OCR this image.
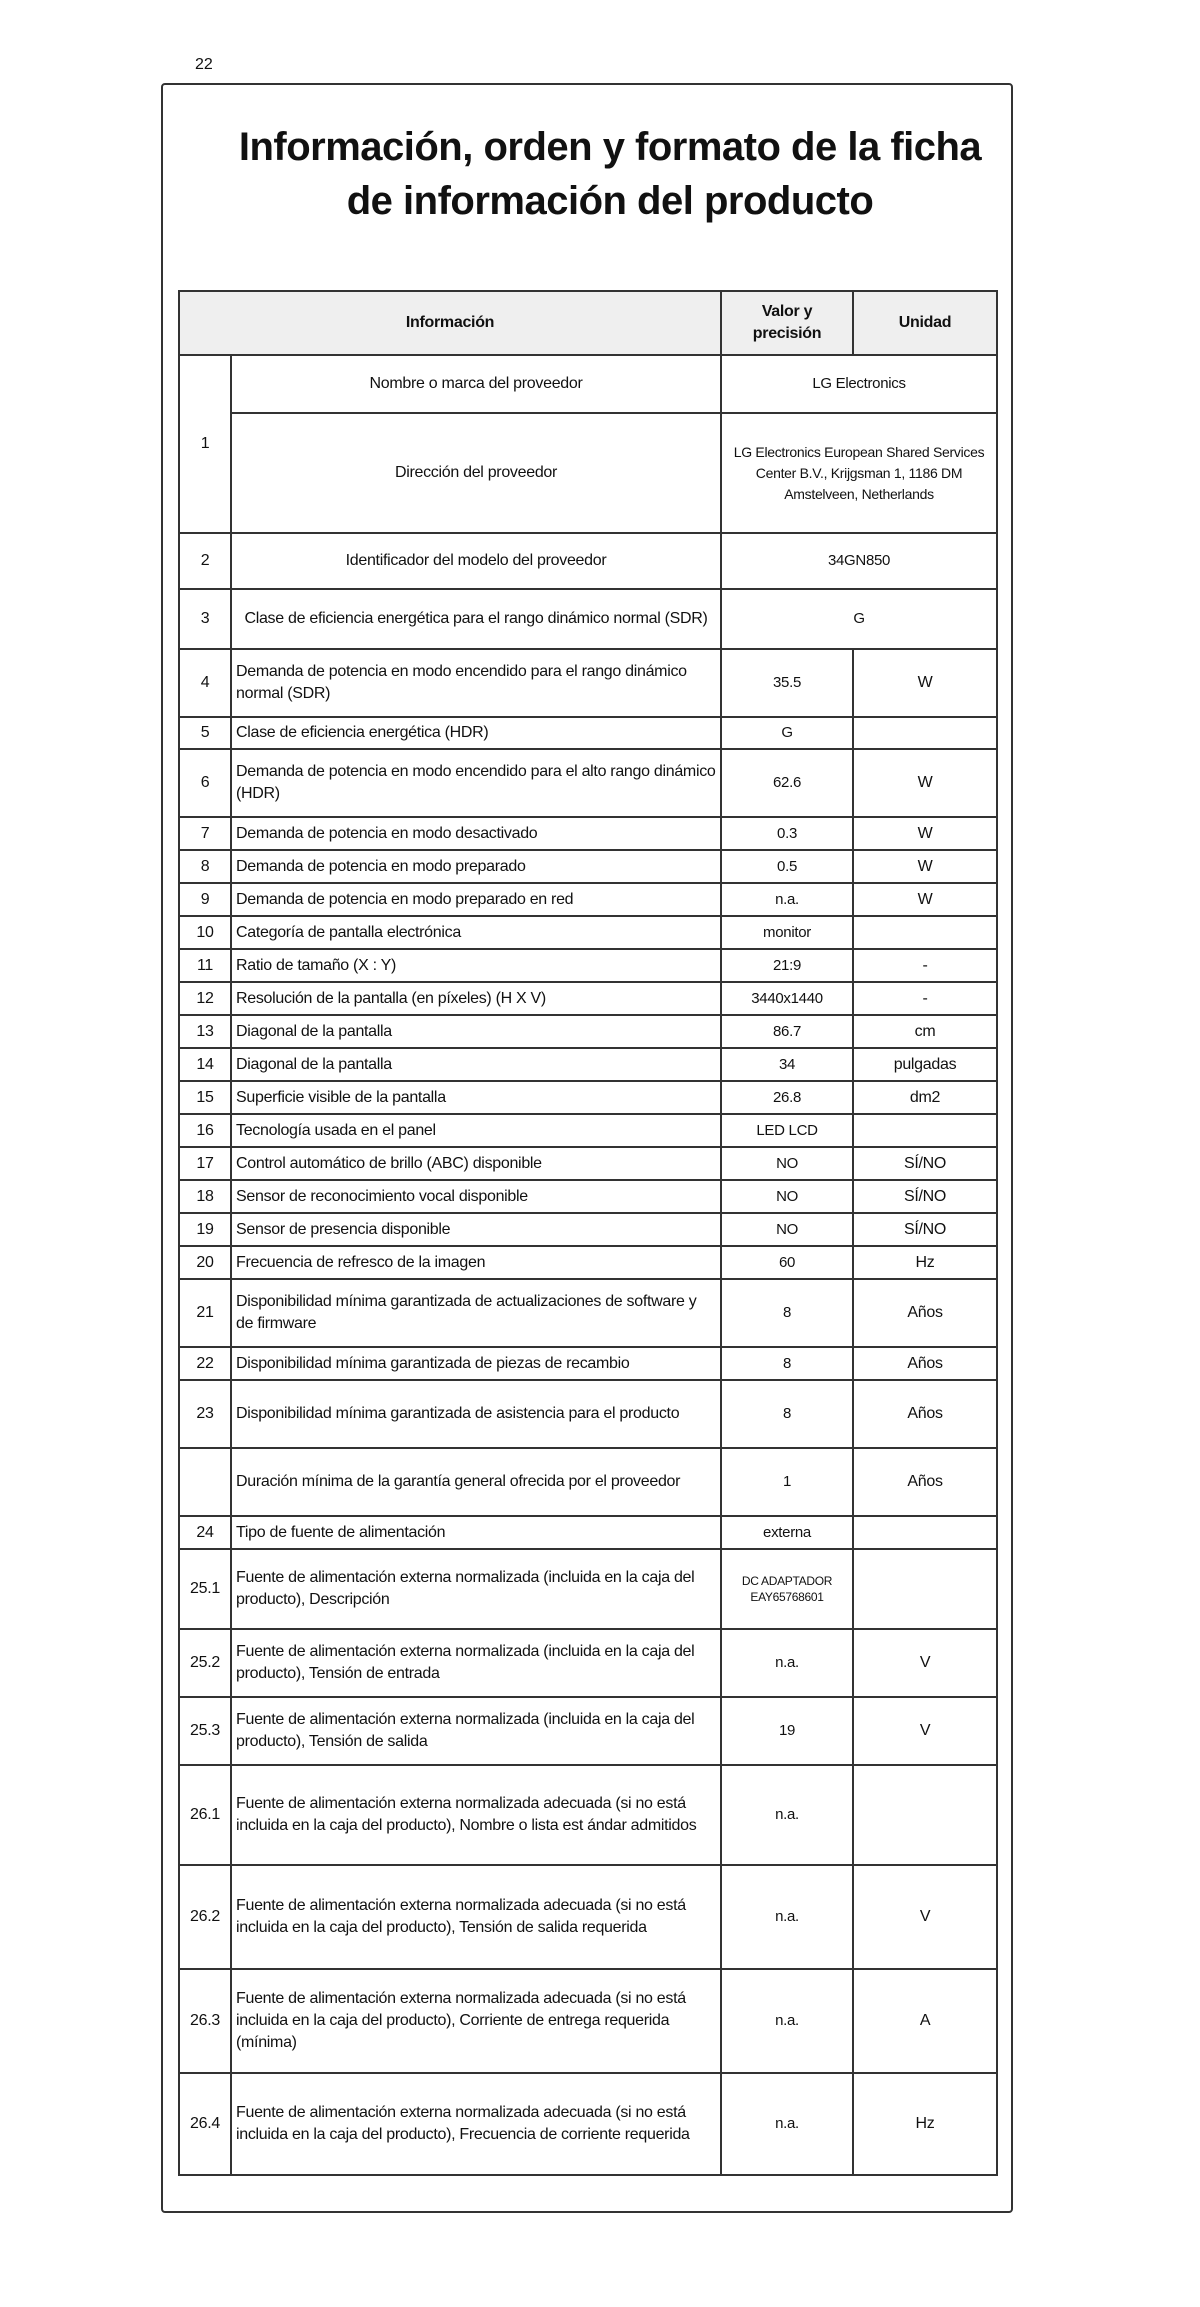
22
Información, orden y formato de la ficha
de información del producto
Información		Valor y precisión	Unidad
1	Nombre o marca del proveedor	LG Electronics	
	Dirección del proveedor	LG Electronics European Shared Services Center B.V., Krijgsman 1, 1186 DM Amstelveen, Netherlands	
2	Identificador del modelo del proveedor	34GN850	
3	Clase de eficiencia energética para el rango dinámico normal (SDR)	G	
4	Demanda de potencia en modo encendido para el rango dinámico normal (SDR)	35.5	W
5	Clase de eficiencia energética (HDR)	G	
6	Demanda de potencia en modo encendido para el alto rango dinámico (HDR)	62.6	W
7	Demanda de potencia en modo desactivado	0.3	W
8	Demanda de potencia en modo preparado	0.5	W
9	Demanda de potencia en modo preparado en red	n.a.	W
10	Categoría de pantalla electrónica	monitor	
11	Ratio de tamaño (X : Y)	21:9	-
12	Resolución de la pantalla (en píxeles) (H X V)	3440x1440	-
13	Diagonal de la pantalla	86.7	cm
14	Diagonal de la pantalla	34	pulgadas
15	Superficie visible de la pantalla	26.8	dm2
16	Tecnología usada en el panel	LED LCD	
17	Control automático de brillo (ABC) disponible	NO	SÍ/NO
18	Sensor de reconocimiento vocal disponible	NO	SÍ/NO
19	Sensor de presencia disponible	NO	SÍ/NO
20	Frecuencia de refresco de la imagen	60	Hz
21	Disponibilidad mínima garantizada de actualizaciones de software y de firmware	8	Años
22	Disponibilidad mínima garantizada de piezas de recambio	8	Años
23	Disponibilidad mínima garantizada de asistencia para el producto	8	Años
	Duración mínima de la garantía general ofrecida por el proveedor	1	Años
24	Tipo de fuente de alimentación	externa	
25.1	Fuente de alimentación externa normalizada (incluida en la caja del producto), Descripción	DC ADAPTADOR EAY65768601	
25.2	Fuente de alimentación externa normalizada (incluida en la caja del producto), Tensión de entrada	n.a.	V
25.3	Fuente de alimentación externa normalizada (incluida en la caja del producto), Tensión de salida	19	V
26.1	Fuente de alimentación externa normalizada adecuada (si no está incluida en la caja del producto), Nombre o lista est ándar admitidos	n.a.	
26.2	Fuente de alimentación externa normalizada adecuada (si no está incluida en la caja del producto), Tensión de salida requerida	n.a.	V
26.3	Fuente de alimentación externa normalizada adecuada (si no está incluida en la caja del producto), Corriente de entrega requerida (mínima)	n.a.	A
26.4	Fuente de alimentación externa normalizada adecuada (si no está incluida en la caja del producto), Frecuencia de corriente requerida	n.a.	Hz
